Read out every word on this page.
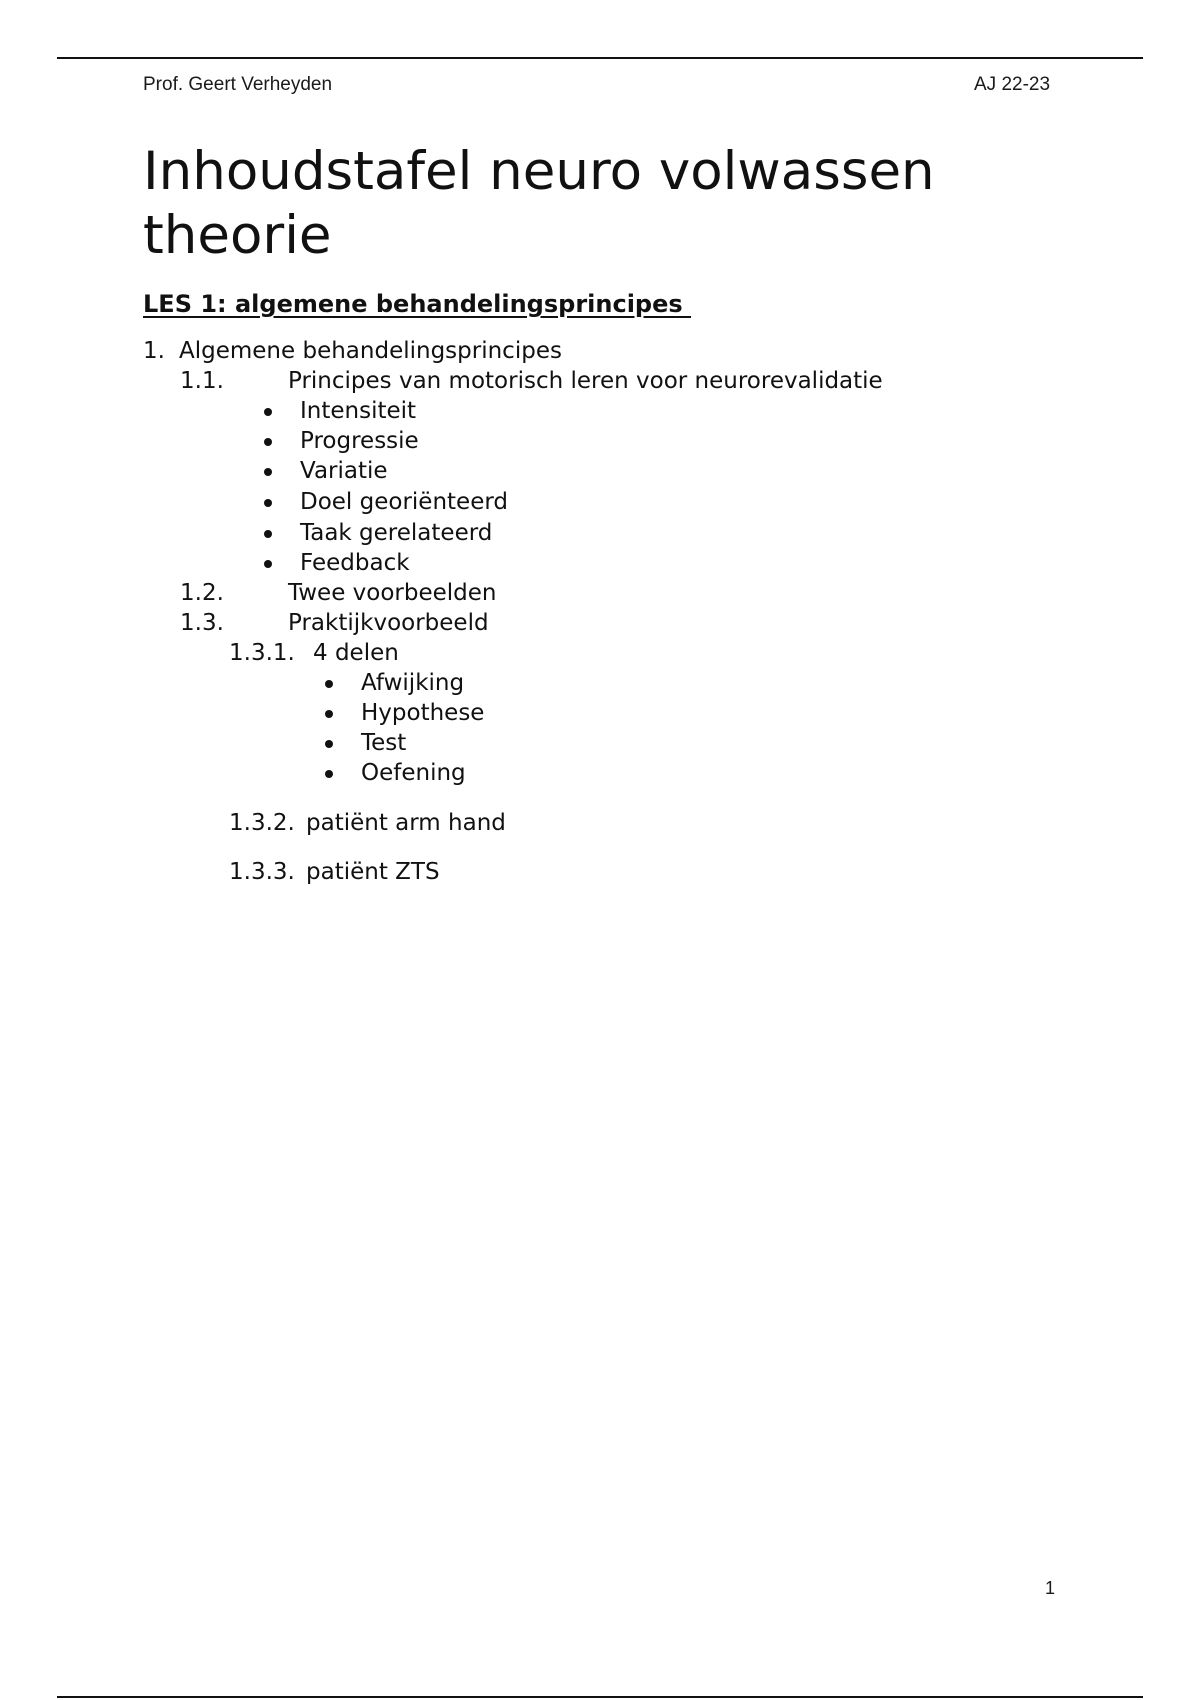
Prof. Geert Verheyden	AJ 22-23
Inhoudstafel neuro volwassen theorie
LES 1: algemene behandelingsprincipes
1. Algemene behandelingsprincipes
1.1.	Principes van motorisch leren voor neurorevalidatie
Intensiteit
Progressie
Variatie
Doel georiënteerd
Taak gerelateerd
Feedback
1.2.	Twee voorbeelden
1.3.	Praktijkvoorbeeld
1.3.1. 4 delen
Afwijking
Hypothese
Test
Oefening
1.3.2. patiënt arm hand
1.3.3. patiënt ZTS
1
